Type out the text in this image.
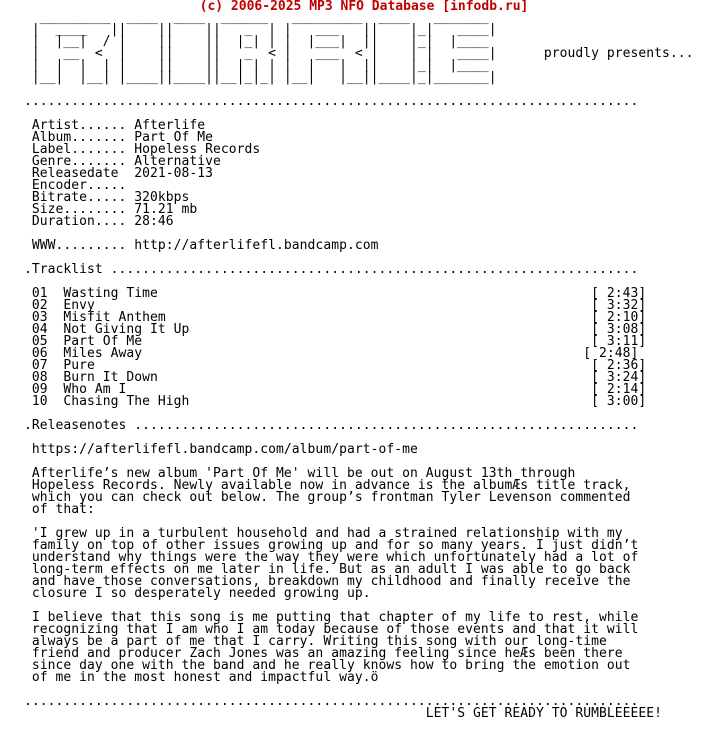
(c) 2006-2025 MP3 NFO Database [infodb.ru]
_________  ____  ____  ______   _________  ____   _______
|  ____   ||    ||    ||   _  | |   ___   ||    |_|   ____|
|  |__|  / |    ||    ||  |_| | |  |___|  ||    |_|  |____
|   __  <  |    ||    ||   _  < |   ___  < |    | |   ____|      proudly presents...
|  |  |  | |    ||    ||  | | | |  |   |  ||    |_|  |____
|__|  |__| |____||____||__|_|_| |__|   |__||____|_|_______|
..............................................................................
Artist...... Afterlife
Album....... Part Of Me
Label....... Hopeless Records
Genre....... Alternative
Releasedate  2021-08-13
Encoder.....
Bitrate..... 320kbps
Size........ 71.21 mb
Duration.... 28:46
WWW......... http://afterlifefl.bandcamp.com
.Tracklist ...................................................................
01  Wasting Time                                                       [ 2:43]
02  Envy                                                               [ 3:32]
03  Misfit Anthem                                                      [ 2:10]
04  Not Giving It Up                                                   [ 3:08]
05  Part Of Me                                                         [ 3:11]
06  Miles Away                                                        [ 2:48]
07  Pure                                                               [ 2:36]
08  Burn It Down                                                       [ 3:24]
09  Who Am I                                                           [ 2:14]
10  Chasing The High                                                   [ 3:00]
.Releasenotes ................................................................
https://afterlifefl.bandcamp.com/album/part-of-me
Afterlife’s new album 'Part Of Me' will be out on August 13th through
Hopeless Records. Newly available now in advance is the albumÆs title track,
which you can check out below. The group’s frontman Tyler Levenson commented
of that:
'I grew up in a turbulent household and had a strained relationship with my
family on top of other issues growing up and for so many years. I just didn’t
understand why things were the way they were which unfortunately had a lot of
long-term effects on me later in life. But as an adult I was able to go back
and have those conversations, breakdown my childhood and finally receive the
closure I so desperately needed growing up.
I believe that this song is me putting that chapter of my life to rest, while
recognizing that I am who I am today because of those events and that it will
always be a part of me that I carry. Writing this song with our long-time
friend and producer Zach Jones was an amazing feeling since heÆs been there
since day one with the band and he really knows how to bring the emotion out
of me in the most honest and impactful way.ö
..............................................................................
LET'S GET READY TO RUMBLEEEEE!
